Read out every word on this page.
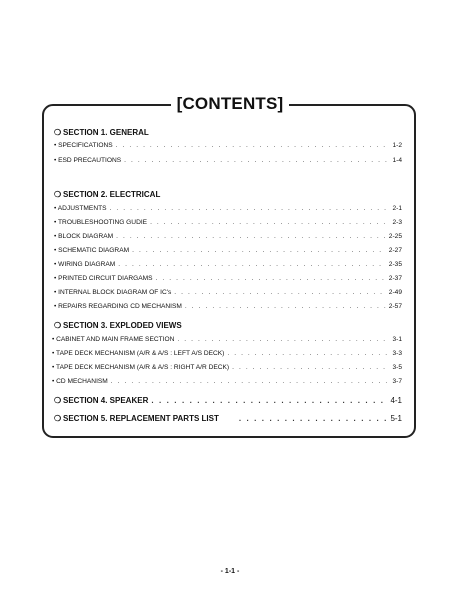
[CONTENTS]
❍ SECTION 1. GENERAL
• SPECIFICATIONS . . .	1-2
• ESD PRECAUTIONS . . .	1-4
❍ SECTION 2. ELECTRICAL
• ADJUSTMENTS . . .	2-1
• TROUBLESHOOTING GUDIE . . .	2-3
• BLOCK DIAGRAM . . .	2-25
• SCHEMATIC DIAGRAM . . .	2-27
• WIRING DIAGRAM . . .	2-35
• PRINTED CIRCUIT DIARGAMS . . .	2-37
• INTERNAL BLOCK DIAGRAM OF IC's . . .	2-49
• REPAIRS REGARDING CD MECHANISM . . .	2-57
❍ SECTION 3. EXPLODED VIEWS
• CABINET AND MAIN FRAME SECTION . . .	3-1
• TAPE DECK MECHANISM (A/R & A/S : LEFT A/S DECK) . . .	3-3
• TAPE DECK MECHANISM (A/R & A/S : RIGHT A/R DECK) . . .	3-5
• CD MECHANISM . . .	3-7
❍ SECTION 4. SPEAKER . . .	4-1
❍ SECTION 5. REPLACEMENT PARTS LIST . . .	5-1
- 1-1 -
